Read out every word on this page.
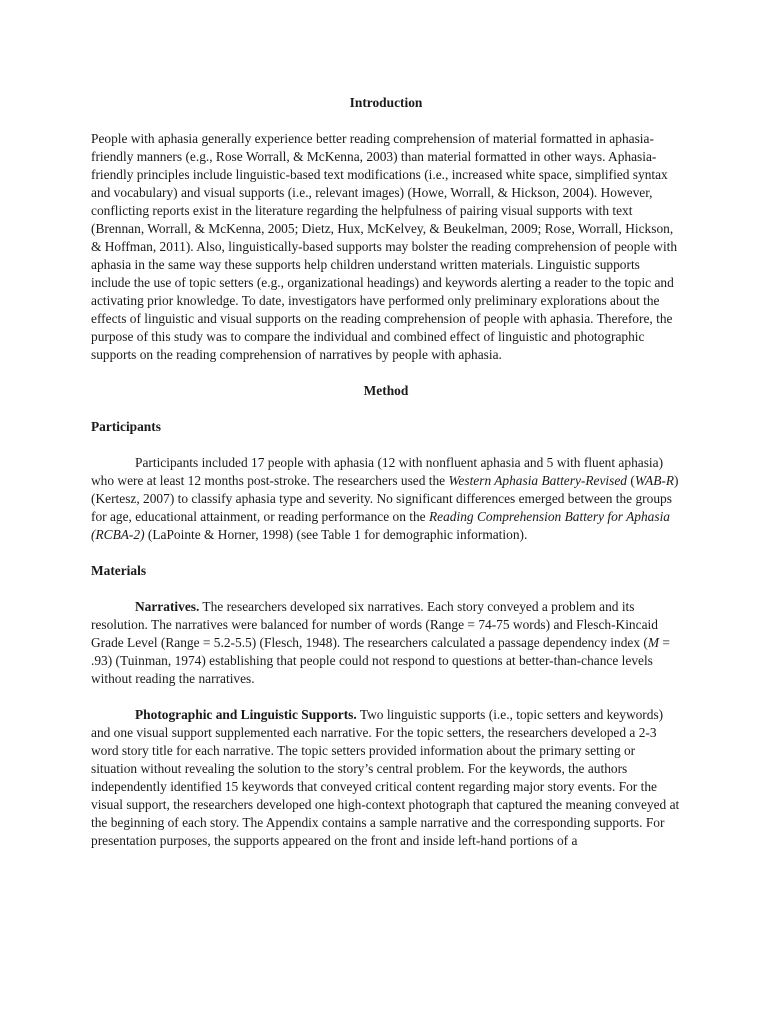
Introduction

People with aphasia generally experience better reading comprehension of material formatted in aphasia-friendly manners (e.g., Rose Worrall, & McKenna, 2003) than material formatted in other ways. Aphasia-friendly principles include linguistic-based text modifications (i.e., increased white space, simplified syntax and vocabulary) and visual supports (i.e., relevant images) (Howe, Worrall, & Hickson, 2004). However, conflicting reports exist in the literature regarding the helpfulness of pairing visual supports with text (Brennan, Worrall, & McKenna, 2005; Dietz, Hux, McKelvey, & Beukelman, 2009; Rose, Worrall, Hickson, & Hoffman, 2011). Also, linguistically-based supports may bolster the reading comprehension of people with aphasia in the same way these supports help children understand written materials. Linguistic supports include the use of topic setters (e.g., organizational headings) and keywords alerting a reader to the topic and activating prior knowledge. To date, investigators have performed only preliminary explorations about the effects of linguistic and visual supports on the reading comprehension of people with aphasia. Therefore, the purpose of this study was to compare the individual and combined effect of linguistic and photographic supports on the reading comprehension of narratives by people with aphasia.

Method

Participants

Participants included 17 people with aphasia (12 with nonfluent aphasia and 5 with fluent aphasia) who were at least 12 months post-stroke. The researchers used the Western Aphasia Battery-Revised (WAB-R) (Kertesz, 2007) to classify aphasia type and severity. No significant differences emerged between the groups for age, educational attainment, or reading performance on the Reading Comprehension Battery for Aphasia (RCBA-2) (LaPointe & Horner, 1998) (see Table 1 for demographic information).

Materials

Narratives. The researchers developed six narratives. Each story conveyed a problem and its resolution. The narratives were balanced for number of words (Range = 74-75 words) and Flesch-Kincaid Grade Level (Range = 5.2-5.5) (Flesch, 1948). The researchers calculated a passage dependency index (M = .93) (Tuinman, 1974) establishing that people could not respond to questions at better-than-chance levels without reading the narratives.

Photographic and Linguistic Supports. Two linguistic supports (i.e., topic setters and keywords) and one visual support supplemented each narrative. For the topic setters, the researchers developed a 2-3 word story title for each narrative. The topic setters provided information about the primary setting or situation without revealing the solution to the story’s central problem. For the keywords, the authors independently identified 15 keywords that conveyed critical content regarding major story events. For the visual support, the researchers developed one high-context photograph that captured the meaning conveyed at the beginning of each story. The Appendix contains a sample narrative and the corresponding supports. For presentation purposes, the supports appeared on the front and inside left-hand portions of a
